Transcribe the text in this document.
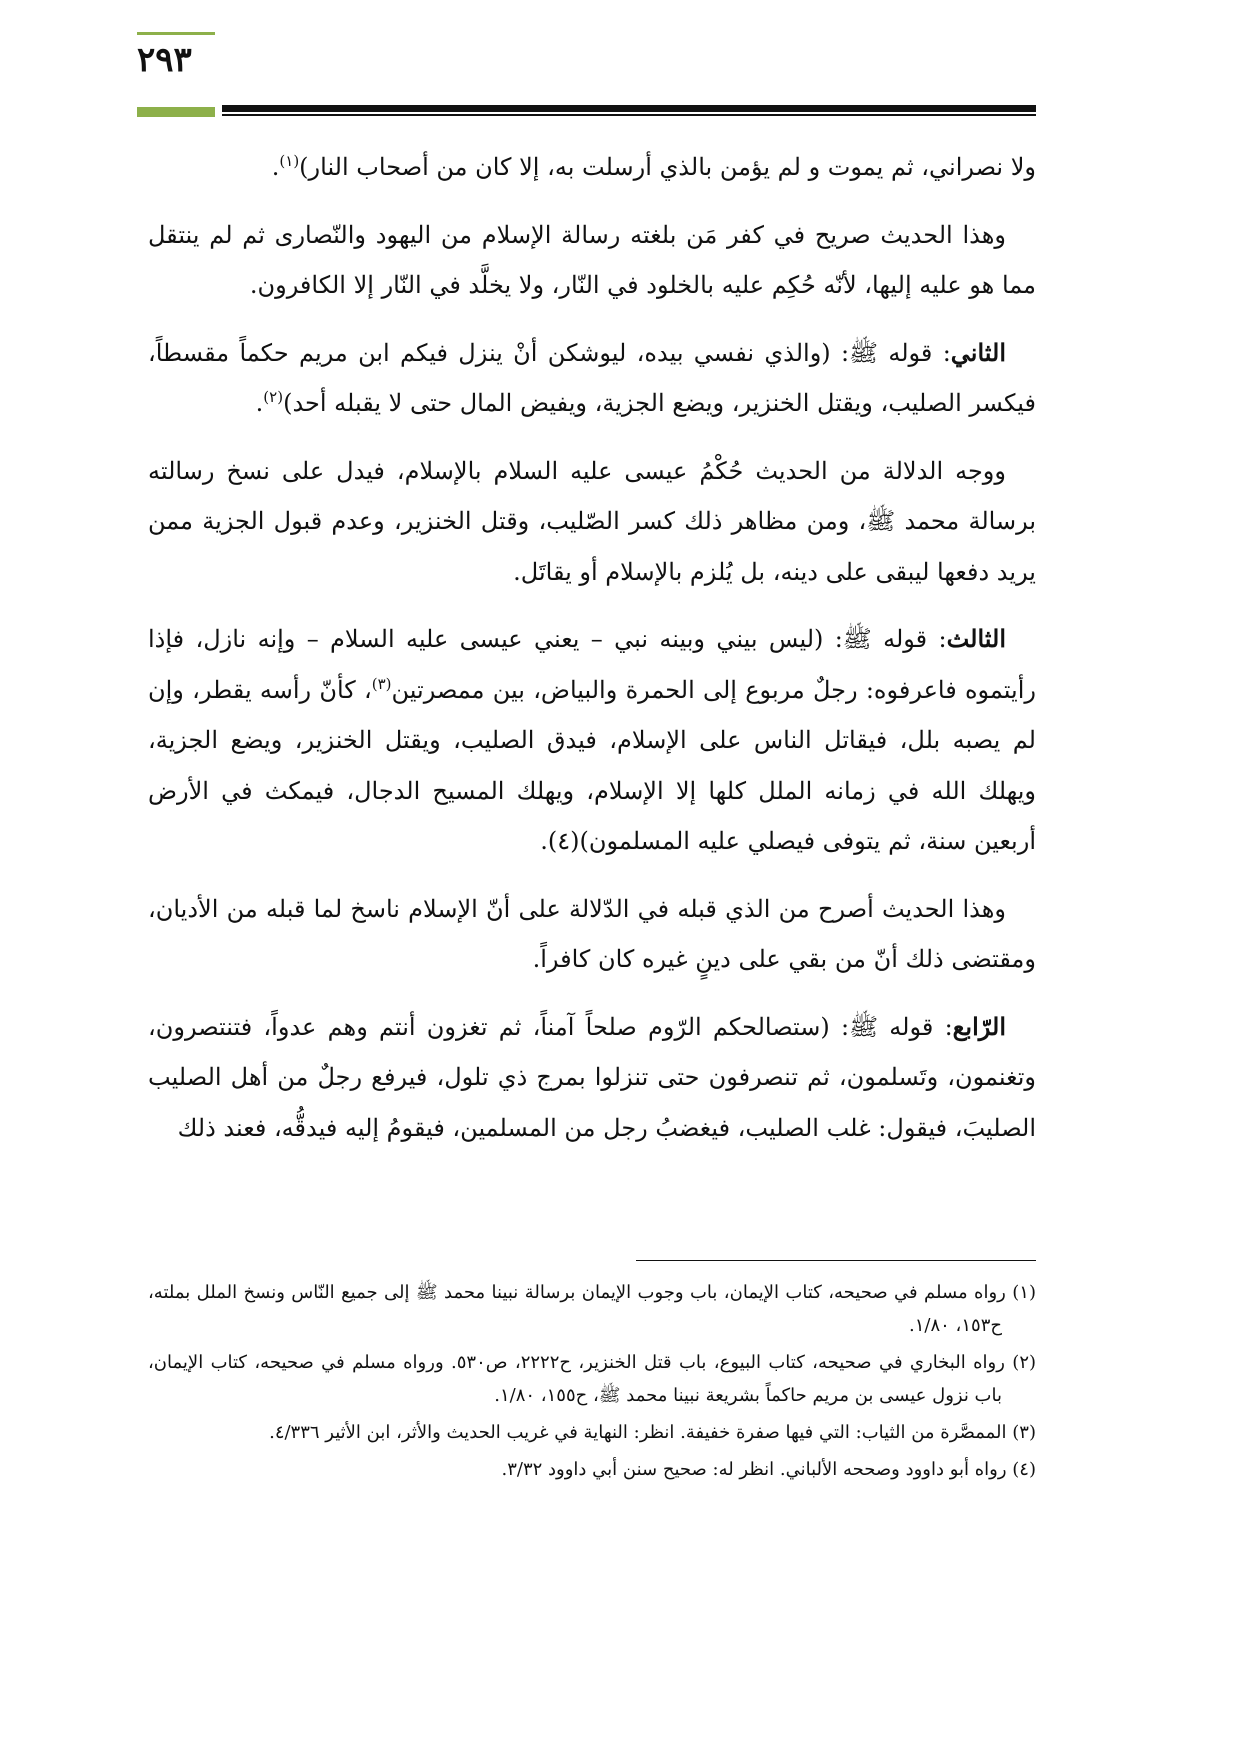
٢٩٣

ولا نصراني، ثم يموت و لم يؤمن بالذي أرسلت به، إلا كان من أصحاب النار)$^{(١)}$.

وهذا الحديث صريح في كفر مَن بلغته رسالة الإسلام من اليهود والنّصارى ثم لم ينتقل مما هو عليه إليها، لأنّه حُكِم عليه بالخلود في النّار، ولا يخلَّد في النّار إلا الكافرون.

الثاني: قوله ﷺ: (والذي نفسي بيده، ليوشكن أنْ ينزل فيكم ابن مريم حكماً مقسطاً، فيكسر الصليب، ويقتل الخنزير، ويضع الجزية، ويفيض المال حتى لا يقبله أحد)$^{(٢)}$.

ووجه الدلالة من الحديث حُكْمُ عيسى عليه السلام بالإسلام، فيدل على نسخ رسالته برسالة محمد ﷺ، ومن مظاهر ذلك كسر الصّليب، وقتل الخنزير، وعدم قبول الجزية ممن يريد دفعها ليبقى على دينه، بل يُلزم بالإسلام أو يقاتَل.

الثالث: قوله ﷺ: (ليس بيني وبينه نبي – يعني عيسى عليه السلام – وإنه نازل، فإذا رأيتموه فاعرفوه: رجلٌ مربوع إلى الحمرة والبياض، بين ممصرتين$^{(٣)}$، كأنّ رأسه يقطر، وإن لم يصبه بلل، فيقاتل الناس على الإسلام، فيدق الصليب، ويقتل الخنزير، ويضع الجزية، ويهلك الله في زمانه الملل كلها إلا الإسلام، ويهلك المسيح الدجال، فيمكث في الأرض أربعين سنة، ثم يتوفى فيصلي عليه المسلمون)(٤).

وهذا الحديث أصرح من الذي قبله في الدّلالة على أنّ الإسلام ناسخ لما قبله من الأديان، ومقتضى ذلك أنّ من بقي على دينٍ غيره كان كافراً.

الرّابع: قوله ﷺ: (ستصالحكم الرّوم صلحاً آمناً، ثم تغزون أنتم وهم عدواً، فتنتصرون، وتغنمون، وتَسلمون، ثم تنصرفون حتى تنزلوا بمرج ذي تلول، فيرفع رجلٌ من أهل الصليب الصليبَ، فيقول: غلب الصليب، فيغضبُ رجل من المسلمين، فيقومُ إليه فيدقُّه، فعند ذلك

(١) رواه مسلم في صحيحه، كتاب الإيمان، باب وجوب الإيمان برسالة نبينا محمد ﷺ إلى جميع النّاس ونسخ الملل بملته، ح١٥٣، ١/٨٠.
(٢) رواه البخاري في صحيحه، كتاب البيوع، باب قتل الخنزير، ح٢٢٢٢، ص٥٣٠. ورواه مسلم في صحيحه، كتاب الإيمان، باب نزول عيسى بن مريم حاكماً بشريعة نبينا محمد ﷺ، ح١٥٥، ١/٨٠.
(٣) الممصَّرة من الثياب: التي فيها صفرة خفيفة. انظر: النهاية في غريب الحديث والأثر، ابن الأثير ٤/٣٣٦.
(٤) رواه أبو داوود وصححه الألباني. انظر له: صحيح سنن أبي داوود ٣/٣٢.
